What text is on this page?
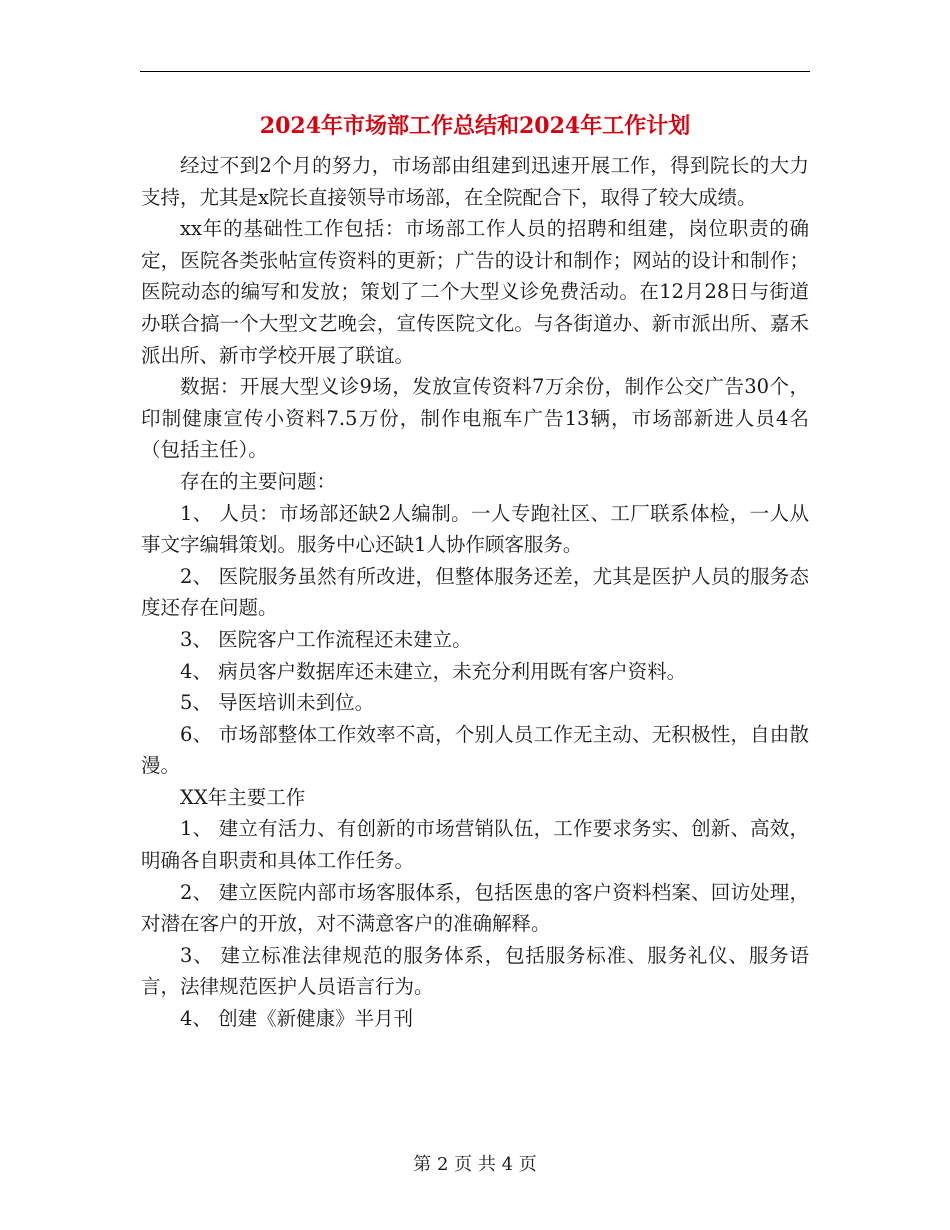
2024年市场部工作总结和2024年工作计划

经过不到2个月的努力，市场部由组建到迅速开展工作，得到院长的大力支持，尤其是x院长直接领导市场部，在全院配合下，取得了较大成绩。

xx年的基础性工作包括：市场部工作人员的招聘和组建，岗位职责的确定，医院各类张帖宣传资料的更新；广告的设计和制作；网站的设计和制作；医院动态的编写和发放；策划了二个大型义诊免费活动。在12月28日与街道办联合搞一个大型文艺晚会，宣传医院文化。与各街道办、新市派出所、嘉禾派出所、新市学校开展了联谊。

数据：开展大型义诊9场，发放宣传资料7万余份，制作公交广告30个，印制健康宣传小资料7.5万份，制作电瓶车广告13辆，市场部新进人员4名（包括主任）。

存在的主要问题：

1、 人员：市场部还缺2人编制。一人专跑社区、工厂联系体检，一人从事文字编辑策划。服务中心还缺1人协作顾客服务。

2、 医院服务虽然有所改进，但整体服务还差，尤其是医护人员的服务态度还存在问题。

3、 医院客户工作流程还未建立。

4、 病员客户数据库还未建立，未充分利用既有客户资料。

5、 导医培训未到位。

6、 市场部整体工作效率不高，个别人员工作无主动、无积极性，自由散漫。

XX年主要工作

1、 建立有活力、有创新的市场营销队伍，工作要求务实、创新、高效，明确各自职责和具体工作任务。

2、 建立医院内部市场客服体系，包括医患的客户资料档案、回访处理，对潜在客户的开放，对不满意客户的准确解释。

3、 建立标准法律规范的服务体系，包括服务标准、服务礼仪、服务语言，法律规范医护人员语言行为。

4、 创建《新健康》半月刊

第 2 页 共 4 页
